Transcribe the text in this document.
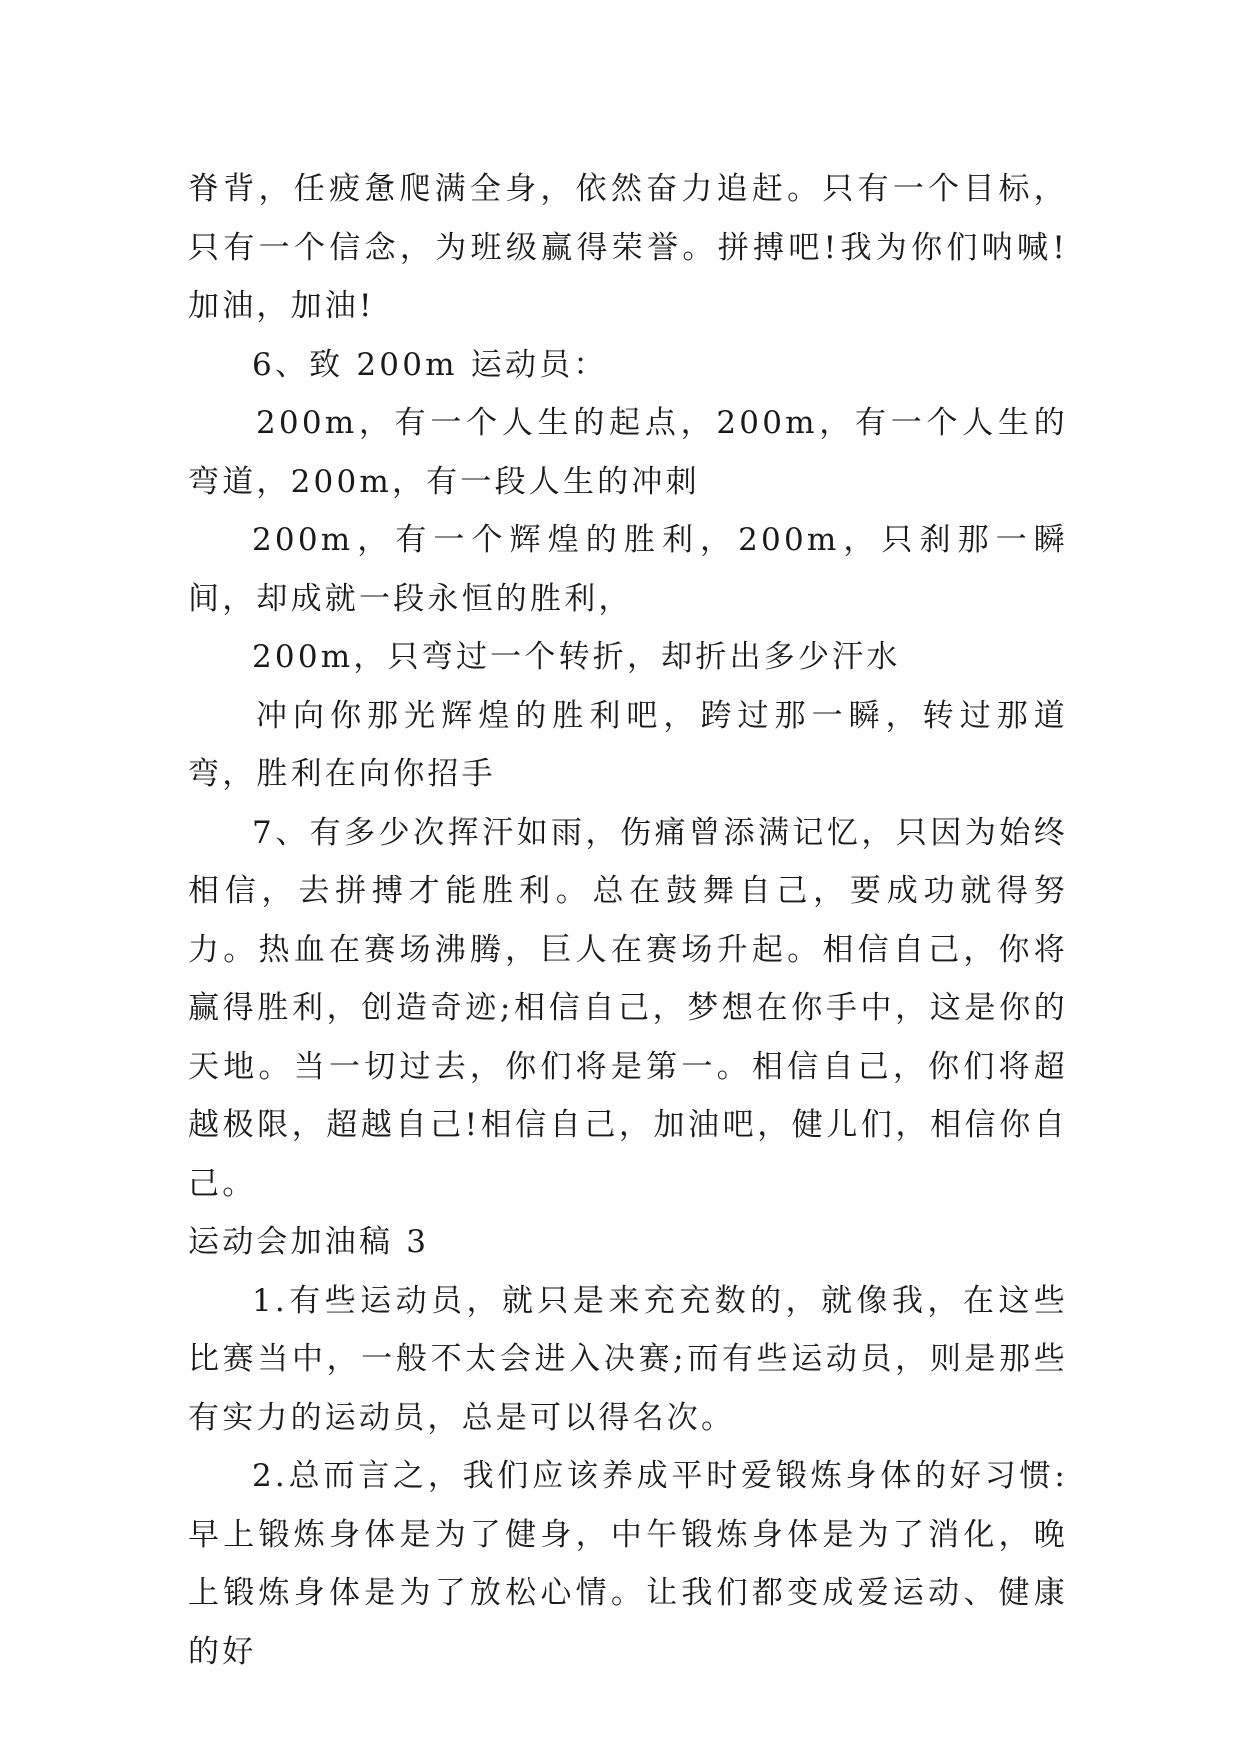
脊背，任疲惫爬满全身，依然奋力追赶。只有一个目标，只有一个信念，为班级赢得荣誉。拼搏吧!我为你们呐喊!加油，加油!

6、致 200m 运动员：

200m，有一个人生的起点，200m，有一个人生的弯道，200m，有一段人生的冲刺

200m，有一个辉煌的胜利，200m，只刹那一瞬间，却成就一段永恒的胜利，

200m，只弯过一个转折，却折出多少汗水

冲向你那光辉煌的胜利吧，跨过那一瞬，转过那道弯，胜利在向你招手

7、有多少次挥汗如雨，伤痛曾添满记忆，只因为始终相信，去拼搏才能胜利。总在鼓舞自己，要成功就得努力。热血在赛场沸腾，巨人在赛场升起。相信自己，你将赢得胜利，创造奇迹;相信自己，梦想在你手中，这是你的天地。当一切过去，你们将是第一。相信自己，你们将超越极限，超越自己!相信自己，加油吧，健儿们，相信你自己。

运动会加油稿 3

1.有些运动员，就只是来充充数的，就像我，在这些比赛当中，一般不太会进入决赛;而有些运动员，则是那些有实力的运动员，总是可以得名次。

2.总而言之，我们应该养成平时爱锻炼身体的好习惯:早上锻炼身体是为了健身，中午锻炼身体是为了消化，晚上锻炼身体是为了放松心情。让我们都变成爱运动、健康的好
